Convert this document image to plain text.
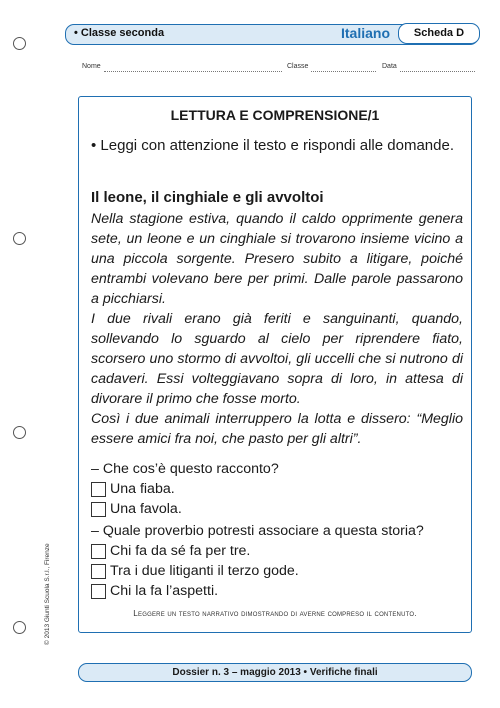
• Classe seconda	Italiano	Scheda D
Nome	Classe	Data
LETTURA E COMPRENSIONE/1
• Leggi con attenzione il testo e rispondi alle domande.
Il leone, il cinghiale e gli avvoltoi

Nella stagione estiva, quando il caldo opprimente genera sete, un leone e un cinghiale si trovarono insieme vicino a una piccola sorgente. Presero subito a litigare, poiché entrambi volevano bere per primi. Dalle parole passarono a picchiarsi.

I due rivali erano già feriti e sanguinanti, quando, sollevando lo sguardo al cielo per riprendere fiato, scorsero uno stormo di avvoltoi, gli uccelli che si nutrono di cadaveri. Essi volteggiavano sopra di loro, in attesa di divorare il primo che fosse morto.

Così i due animali interruppero la lotta e dissero: “Meglio essere amici fra noi, che pasto per gli altri”.

– Che cos’è questo racconto?
Una fiaba.
Una favola.
– Quale proverbio potresti associare a questa storia?
Chi fa da sé fa per tre.
Tra i due litiganti il terzo gode.
Chi la fa l’aspetti.
Leggere un testo narrativo dimostrando di averne compreso il contenuto.
© 2013 Giunti Scuola S.r.l., Firenze
Dossier n. 3 – maggio 2013 • Verifiche finali
